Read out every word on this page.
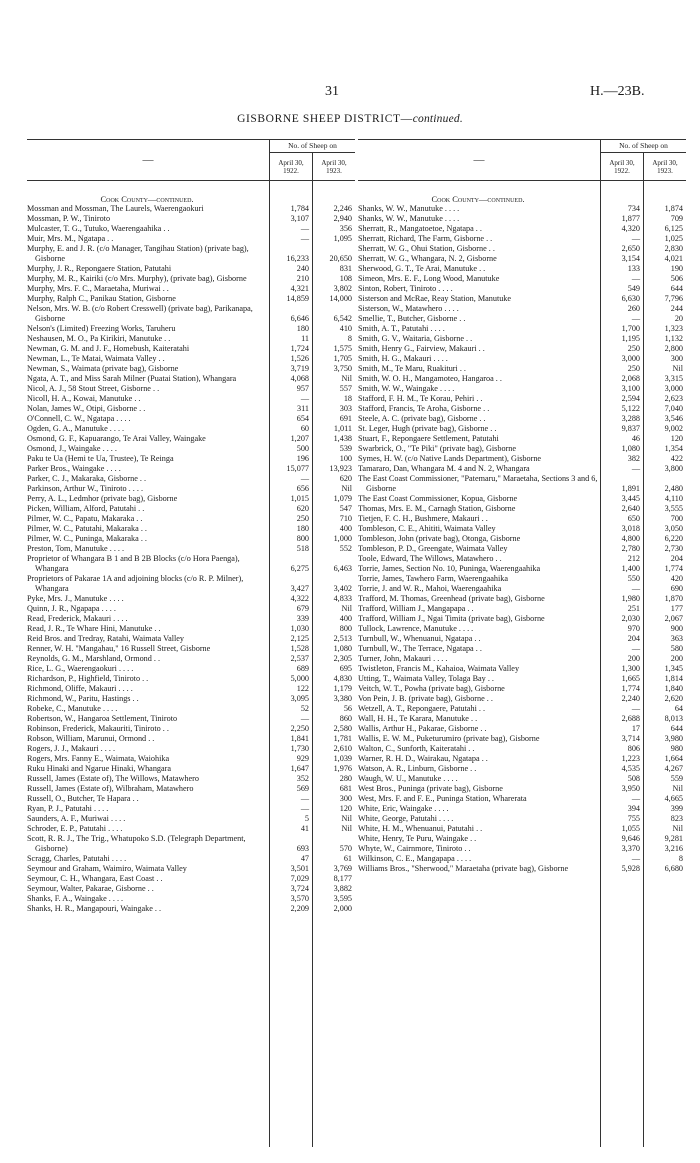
31	H.—23B.
GISBORNE SHEEP DISTRICT—continued.
—
No. of Sheep on
April 30, 1922.
April 30, 1923.
Cook County—continued.
Mossman and Mossman, The Laurels, Waerengaokuri	1,784	2,246
Mossman, P. W., Tiniroto	3,107	2,940
Mulcaster, T. G., Tutuko, Waerengaahika . .	—	356
Muir, Mrs. M., Ngatapa . .	—	1,095
Murphy, E. and J. R. (c/o Manager, Tangihau Station) (private bag), Gisborne	16,233	20,650
Murphy, J. R., Repongaere Station, Patutahi	240	831
Murphy, M. R., Kairiki (c/o Mrs. Murphy), (private bag), Gisborne	210	108
Murphy, Mrs. F. C., Maraetaha, Muriwai . .	4,321	3,802
Murphy, Ralph C., Panikau Station, Gisborne	14,859	14,000
Nelson, Mrs. W. B. (c/o Robert Cresswell) (private bag), Parikanapa, Gisborne	6,646	6,542
Nelson's (Limited) Freezing Works, Taruheru	180	410
Neshausen, M. O., Pa Kirikiri, Manutuke . .	11	8
Newman, G. M. and J. F., Homebush, Kaiteratahi	1,724	1,575
Newman, L., Te Matai, Waimata Valley . .	1,526	1,705
Newman, S., Waimata (private bag), Gisborne	3,719	3,750
Ngata, A. T., and Miss Sarah Milner (Puatai Station), Whangara	4,068	Nil
Nicol, A. J., 58 Stout Street, Gisborne . .	957	557
Nicoll, H. A., Kowai, Manutuke . .	—	18
Nolan, James W., Otipi, Gisborne . .	311	303
O'Connell, C. W., Ngatapa . . . .	654	691
Ogden, G. A., Manutuke . . . .	60	1,011
Osmond, G. F., Kapuarango, Te Arai Valley, Waingake	1,207	1,438
Osmond, J., Waingake . . . .	500	539
Paku te Ua (Hemi te Ua, Trustee), Te Reinga	196	100
Parker Bros., Waingake . . . .	15,077	13,923
Parker, C. J., Makaraka, Gisborne . .	—	620
Parkinson, Arthur W., Tiniroto . . . .	656	Nil
Perry, A. L., Ledmhor (private bag), Gisborne	1,015	1,079
Picken, William, Alford, Patutahi . .	620	547
Pilmer, W. C., Papatu, Makaraka . .	250	710
Pilmer, W. C., Patutahi, Makaraka . .	180	400
Pilmer, W. C., Puninga, Makaraka . .	800	1,000
Preston, Tom, Manutuke . . . .	518	552
Proprietor of Whangara B 1 and B 2B Blocks (c/o Hora Paenga), Whangara	6,275	6,463
Proprietors of Pakarae 1A and adjoining blocks (c/o R. P. Milner), Whangara	3,427	3,402
Pyke, Mrs. J., Manutuke . . . .	4,322	4,833
Quinn, J. R., Ngapapa . . . .	679	Nil
Read, Frederick, Makauri . . . .	339	400
Read, J. R., Te Whare Hini, Manutuke . .	1,030	800
Reid Bros. and Tredray, Ratahi, Waimata Valley	2,125	2,513
Renner, W. H. "Mangahau," 16 Russell Street, Gisborne	1,528	1,080
Reynolds, G. M., Marshland, Ormond . .	2,537	2,305
Rice, L. G., Waerengaokuri . . . .	689	695
Richardson, P., Highfield, Tiniroto . .	5,000	4,830
Richmond, Oliffe, Makauri . . . .	122	1,179
Richmond, W., Paritu, Hastings . .	3,095	3,380
Robeke, C., Manutuke . . . .	52	56
Robertson, W., Hangaroa Settlement, Tiniroto	—	860
Robinson, Frederick, Makauriti, Tiniroto . .	2,250	2,580
Robson, William, Marunui, Ormond . .	1,841	1,781
Rogers, J. J., Makauri . . . .	1,730	2,610
Rogers, Mrs. Fanny E., Waimata, Waiohika	929	1,039
Ruku Hinaki and Ngarue Hinaki, Whangara	1,647	1,976
Russell, James (Estate of), The Willows, Matawhero	352	280
Russell, James (Estate of), Wilbraham, Matawhero	569	681
Russell, O., Butcher, Te Hapara . .	—	300
Ryan, P. J., Patutahi . . . .	—	120
Saunders, A. F., Muriwai . . . .	5	Nil
Schroder, E. P., Patutahi . . . .	41	Nil
Scott, R. R. J., The Trig., Whatupoko S.D. (Telegraph Department, Gisborne)	693	570
Scragg, Charles, Patutahi . . . .	47	61
Seymour and Graham, Waimiro, Waimata Valley	3,501	3,769
Seymour, C. H., Whangara, East Coast . .	7,029	8,177
Seymour, Walter, Pakarae, Gisborne . .	3,724	3,882
Shanks, F. A., Waingake . . . .	3,570	3,595
Shanks, H. R., Mangapouri, Waingake . .	2,209	2,000
—
No. of Sheep on
April 30, 1922.
April 30, 1923.
Cook County—continued.
Shanks, W. W., Manutuke . . . .	734	1,874
Shanks, W. W., Manutuke . . . .	1,877	709
Sherratt, R., Mangatoetoe, Ngatapa . .	4,320	6,125
Sherratt, Richard, The Farm, Gisborne . .	—	1,025
Sherratt, W. G., Ohui Station, Gisborne . .	2,650	2,830
Sherratt, W. G., Whangara, N. 2, Gisborne	3,154	4,021
Sherwood, G. T., Te Arai, Manutuke . .	133	190
Simeon, Mrs. E. F., Long Wood, Manutuke	—	506
Sinton, Robert, Tiniroto . . . .	549	644
Sisterson and McRae, Reay Station, Manutuke	6,630	7,796
Sisterson, W., Matawhero . . . .	260	244
Smellie, T., Butcher, Gisborne . .	—	20
Smith, A. T., Patutahi . . . .	1,700	1,323
Smith, G. V., Waitaria, Gisborne . .	1,195	1,132
Smith, Henry G., Fairview, Makauri . .	250	2,800
Smith, H. G., Makauri . . . .	3,000	300
Smith, M., Te Maru, Ruakituri . .	250	Nil
Smith, W. O. H., Mangamoteo, Hangaroa . .	2,068	3,315
Smith, W. W., Waingake . . . .	3,100	3,000
Stafford, F. H. M., Te Korau, Pehiri . .	2,594	2,623
Stafford, Francis, Te Aroha, Gisborne . .	5,122	7,040
Steele, A. C. (private bag), Gisborne . .	3,288	3,546
St. Leger, Hugh (private bag), Gisborne . .	9,837	9,002
Stuart, F., Repongaere Settlement, Patutahi	46	120
Swarbrick, O., "Te Piki" (private bag), Gisborne	1,080	1,354
Symes, H. W. (c/o Native Lands Department), Gisborne	382	422
Tamararo, Dan, Whangara M. 4 and N. 2, Whangara	—	3,800
The East Coast Commissioner, "Patemaru," Maraetaha, Sections 3 and 6, Gisborne	1,891	2,480
The East Coast Commissioner, Kopua, Gisborne	3,445	4,110
Thomas, Mrs. E. M., Carnagh Station, Gisborne	2,640	3,555
Tietjen, F. C. H., Bushmere, Makauri . .	650	700
Tombleson, C. E., Ahititi, Waimata Valley	3,018	3,050
Tombleson, John (private bag), Otonga, Gisborne	4,800	6,220
Tombleson, P. D., Greengate, Waimata Valley	2,780	2,730
Toole, Edward, The Willows, Matawhero . .	212	204
Torrie, James, Section No. 10, Puninga, Waerengaahika	1,400	1,774
Torrie, James, Tawhero Farm, Waerengaahika	550	420
Torrie, J. and W. R., Mahoi, Waerengaahika	—	690
Trafford, M. Thomas, Greenhead (private bag), Gisborne	1,980	1,870
Trafford, William J., Mangapapa . .	251	177
Trafford, William J., Ngai Timita (private bag), Gisborne	2,030	2,067
Tullock, Lawrence, Manutuke . . . .	970	900
Turnbull, W., Whenuanui, Ngatapa . .	204	363
Turnbull, W., The Terrace, Ngatapa . .	—	580
Turner, John, Makauri . . . .	200	200
Twistleton, Francis M., Kahaioa, Waimata Valley	1,300	1,345
Utting, T., Waimata Valley, Tolaga Bay . .	1,665	1,814
Veitch, W. T., Powha (private bag), Gisborne	1,774	1,840
Von Pein, J. B. (private bag), Gisborne . .	2,240	2,620
Wetzell, A. T., Repongaere, Patutahi . .	—	64
Wall, H. H., Te Karara, Manutuke . .	2,688	8,013
Wallis, Arthur H., Pakarae, Gisborne . .	17	644
Wallis, E. W. M., Puketurumiro (private bag), Gisborne	3,714	3,980
Walton, C., Sunforth, Kaiteratahi . .	806	980
Warner, R. H. D., Wairakau, Ngatapa . .	1,223	1,664
Watson, A. R., Linburn, Gisborne . .	4,535	4,267
Waugh, W. U., Manutuke . . . .	508	559
West Bros., Puninga (private bag), Gisborne	3,950	Nil
West, Mrs. F. and F. E., Puninga Station, Wharerata	—	4,665
White, Eric, Waingake . . . .	394	399
White, George, Patutahi . . . .	755	823
White, H. M., Whenuanui, Patutahi . .	1,055	Nil
White, Henry, Te Puru, Waingake . .	9,646	9,281
Whyte, W., Cairnmore, Tiniroto . .	3,370	3,216
Wilkinson, C. E., Mangapapa . . . .	—	8
Williams Bros., "Sherwood," Maraetaha (private bag), Gisborne	5,928	6,680
